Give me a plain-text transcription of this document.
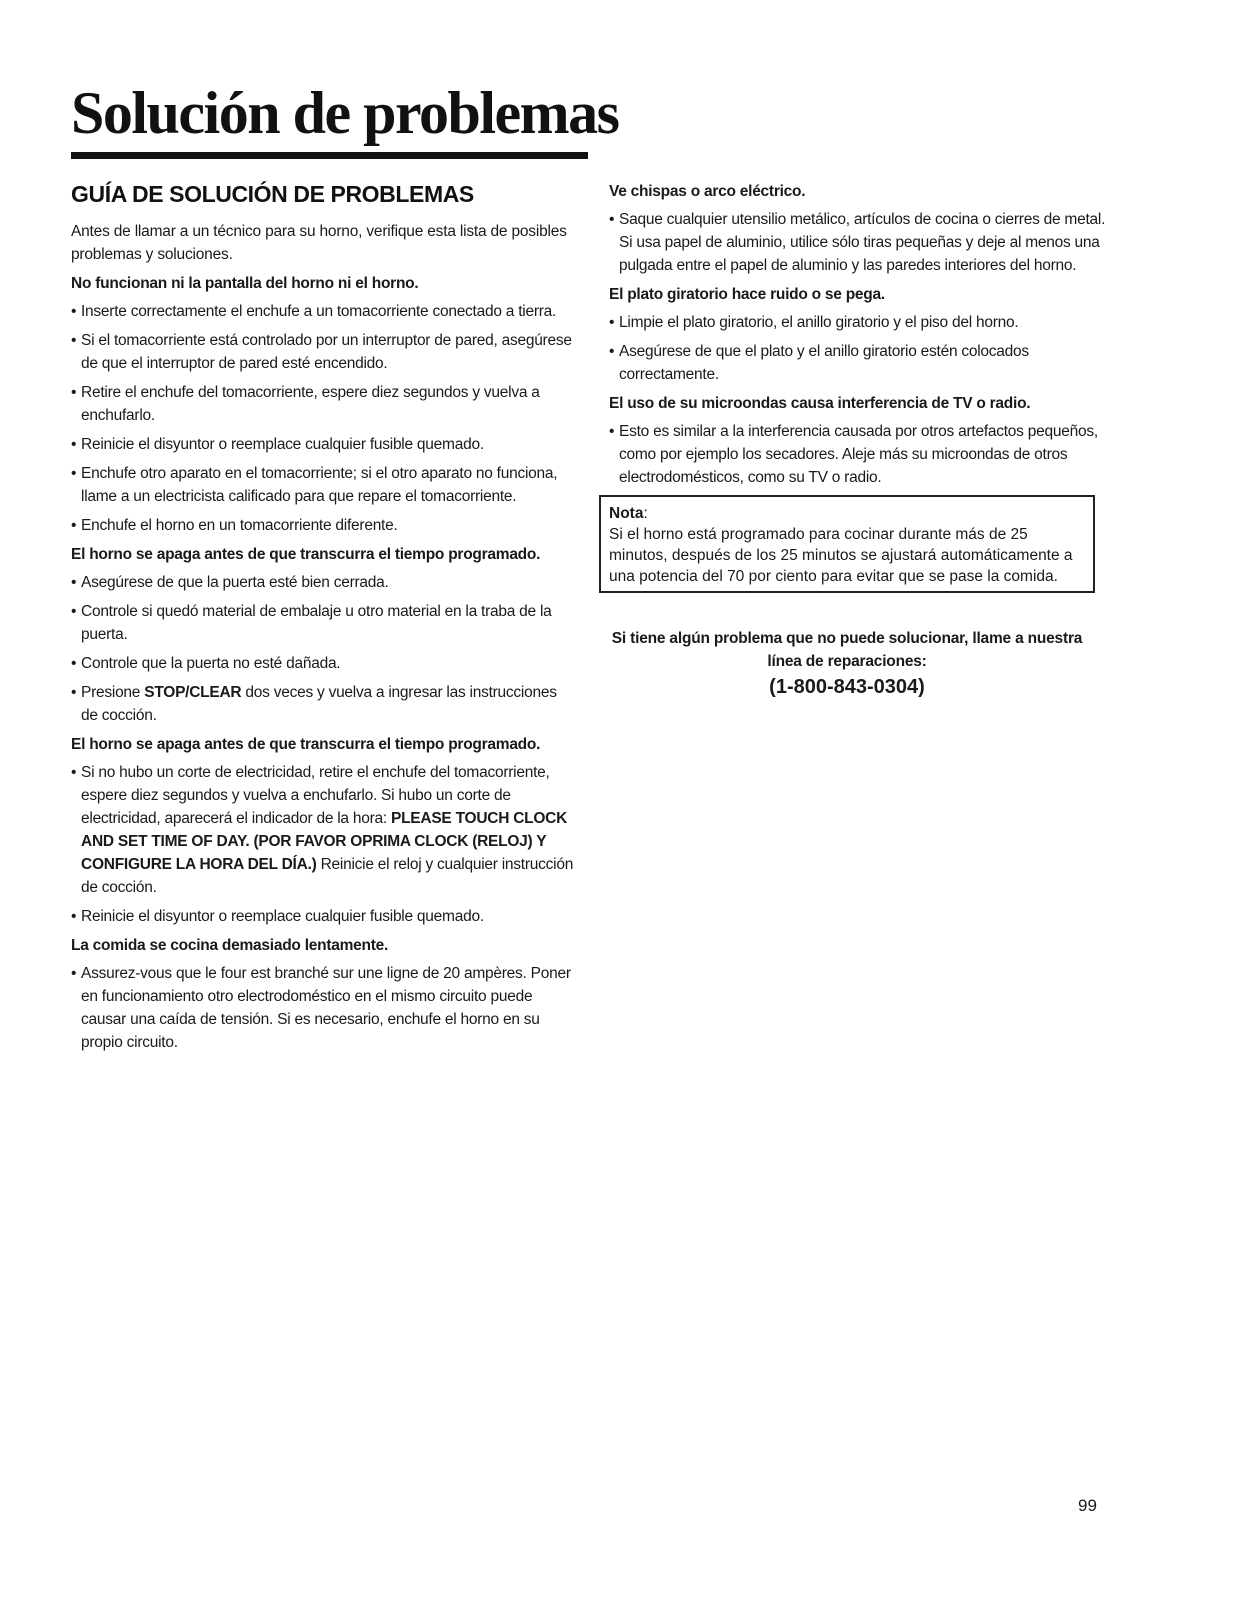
Solución de problemas
GUÍA DE SOLUCIÓN DE PROBLEMAS

Antes de llamar a un técnico para su horno, verifique esta lista de posibles problemas y soluciones.

No funcionan ni la pantalla del horno ni el horno.
• Inserte correctamente el enchufe a un tomacorriente conectado a tierra.
• Si el tomacorriente está controlado por un interruptor de pared, asegúrese de que el interruptor de pared esté encendido.
• Retire el enchufe del tomacorriente, espere diez segundos y vuelva a enchufarlo.
• Reinicie el disyuntor o reemplace cualquier fusible quemado.
• Enchufe otro aparato en el tomacorriente; si el otro aparato no funciona, llame a un electricista calificado para que repare el tomacorriente.
• Enchufe el horno en un tomacorriente diferente.
El horno se apaga antes de que transcurra el tiempo programado.
• Asegúrese de que la puerta esté bien cerrada.
• Controle si quedó material de embalaje u otro material en la traba de la puerta.
• Controle que la puerta no esté dañada.
• Presione STOP/CLEAR dos veces y vuelva a ingresar las instrucciones de cocción.
El horno se apaga antes de que transcurra el tiempo programado.
• Si no hubo un corte de electricidad, retire el enchufe del tomacorriente, espere diez segundos y vuelva a enchufarlo. Si hubo un corte de electricidad, aparecerá el indicador de la hora: PLEASE TOUCH CLOCK AND SET TIME OF DAY. (POR FAVOR OPRIMA CLOCK (RELOJ) Y CONFIGURE LA HORA DEL DÍA.) Reinicie el reloj y cualquier instrucción de cocción.
• Reinicie el disyuntor o reemplace cualquier fusible quemado.
La comida se cocina demasiado lentamente.
• Assurez-vous que le four est branché sur une ligne de 20 ampères. Poner en funcionamiento otro electrodoméstico en el mismo circuito puede causar una caída de tensión. Si es necesario, enchufe el horno en su propio circuito.
Ve chispas o arco eléctrico.
• Saque cualquier utensilio metálico, artículos de cocina o cierres de metal. Si usa papel de aluminio, utilice sólo tiras pequeñas y deje al menos una pulgada entre el papel de aluminio y las paredes interiores del horno.
El plato giratorio hace ruido o se pega.
• Limpie el plato giratorio, el anillo giratorio y el piso del horno.
• Asegúrese de que el plato y el anillo giratorio estén colocados correctamente.
El uso de su microondas causa interferencia de TV o radio.
• Esto es similar a la interferencia causada por otros artefactos pequeños, como por ejemplo los secadores. Aleje más su microondas de otros electrodomésticos, como su TV o radio.
Nota:

Si el horno está programado para cocinar durante más de 25 minutos, después de los 25 minutos se ajustará automáticamente a una potencia del 70 por ciento para evitar que se pase la comida.

Si tiene algún problema que no puede solucionar, llame a nuestra línea de reparaciones:
(1-800-843-0304)
99
